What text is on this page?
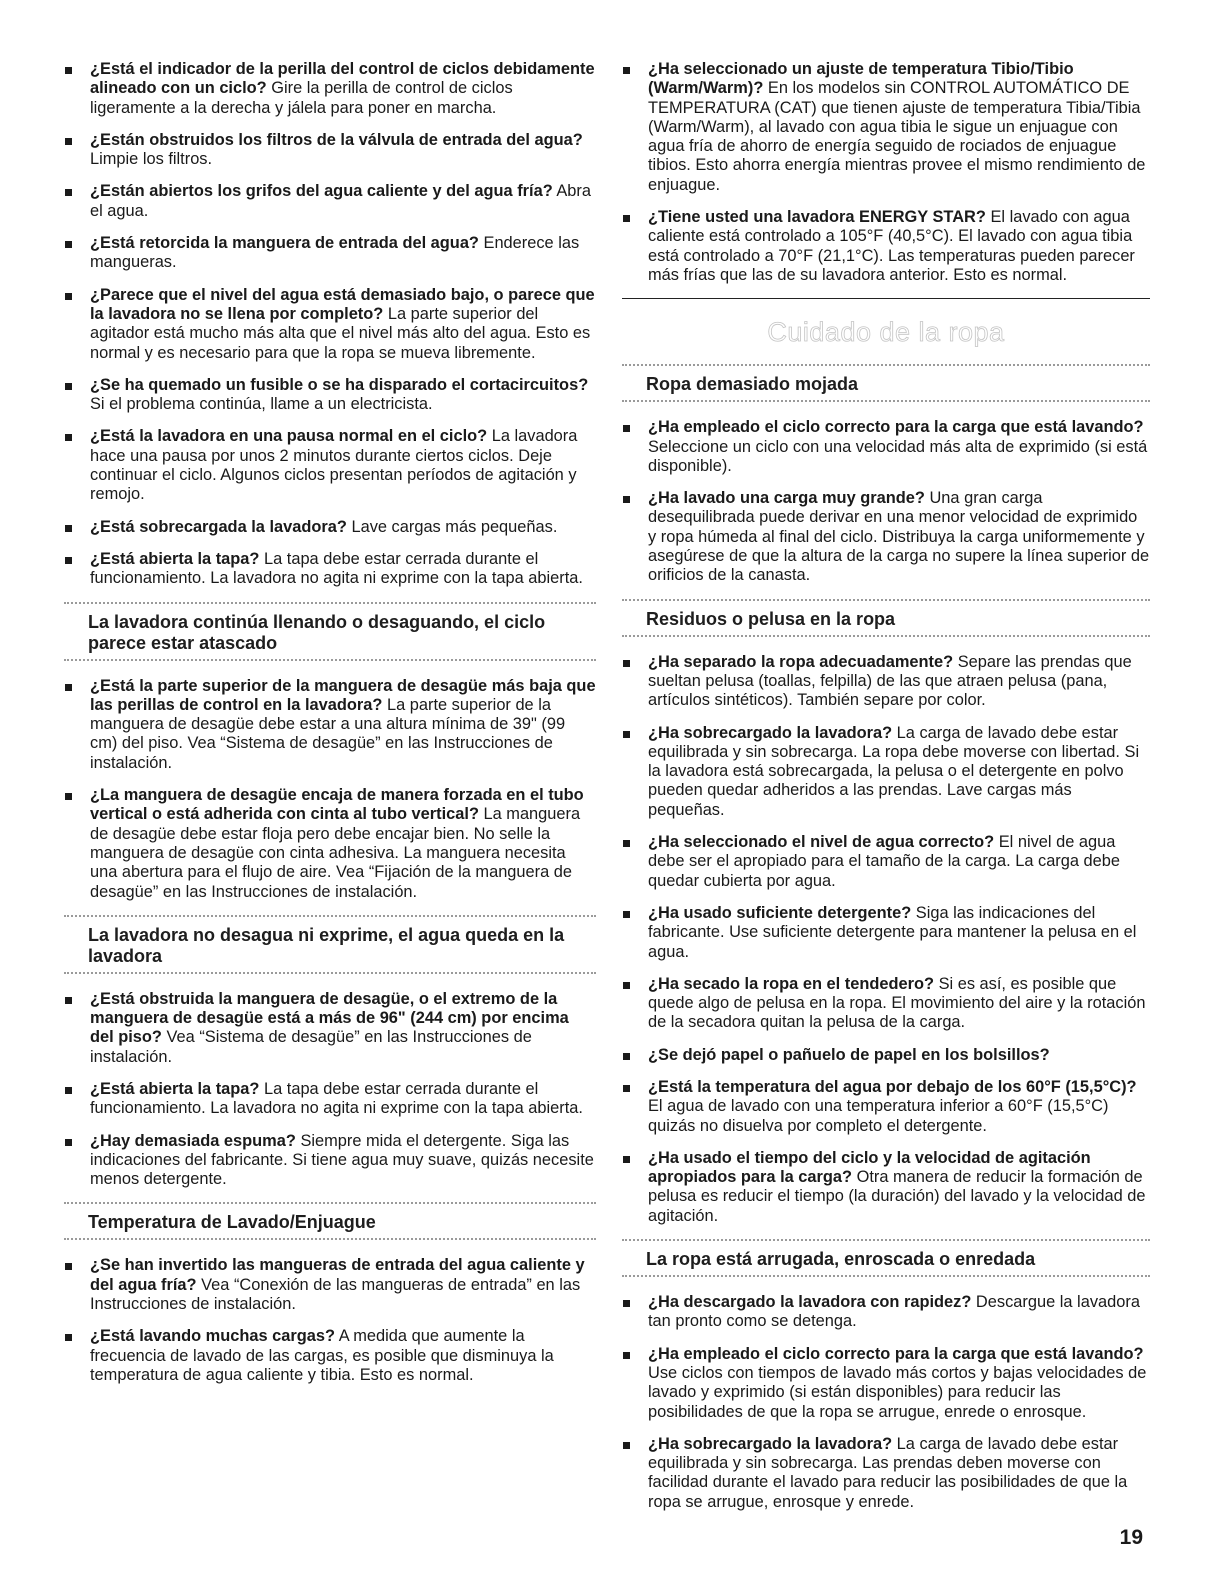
¿Está el indicador de la perilla del control de ciclos debidamente alineado con un ciclo? Gire la perilla de control de ciclos ligeramente a la derecha y jálela para poner en marcha.
¿Están obstruidos los filtros de la válvula de entrada del agua? Limpie los filtros.
¿Están abiertos los grifos del agua caliente y del agua fría? Abra el agua.
¿Está retorcida la manguera de entrada del agua? Enderece las mangueras.
¿Parece que el nivel del agua está demasiado bajo, o parece que la lavadora no se llena por completo? La parte superior del agitador está mucho más alta que el nivel más alto del agua. Esto es normal y es necesario para que la ropa se mueva libremente.
¿Se ha quemado un fusible o se ha disparado el cortacircuitos? Si el problema continúa, llame a un electricista.
¿Está la lavadora en una pausa normal en el ciclo? La lavadora hace una pausa por unos 2 minutos durante ciertos ciclos. Deje continuar el ciclo. Algunos ciclos presentan períodos de agitación y remojo.
¿Está sobrecargada la lavadora? Lave cargas más pequeñas.
¿Está abierta la tapa? La tapa debe estar cerrada durante el funcionamiento. La lavadora no agita ni exprime con la tapa abierta.
La lavadora continúa llenando o desaguando, el ciclo parece estar atascado
¿Está la parte superior de la manguera de desagüe más baja que las perillas de control en la lavadora? La parte superior de la manguera de desagüe debe estar a una altura mínima de 39" (99 cm) del piso. Vea “Sistema de desagüe” en las Instrucciones de instalación.
¿La manguera de desagüe encaja de manera forzada en el tubo vertical o está adherida con cinta al tubo vertical? La manguera de desagüe debe estar floja pero debe encajar bien. No selle la manguera de desagüe con cinta adhesiva. La manguera necesita una abertura para el flujo de aire. Vea “Fijación de la manguera de desagüe” en las Instrucciones de instalación.
La lavadora no desagua ni exprime, el agua queda en la lavadora
¿Está obstruida la manguera de desagüe, o el extremo de la manguera de desagüe está a más de 96" (244 cm) por encima del piso? Vea “Sistema de desagüe” en las Instrucciones de instalación.
¿Está abierta la tapa? La tapa debe estar cerrada durante el funcionamiento. La lavadora no agita ni exprime con la tapa abierta.
¿Hay demasiada espuma? Siempre mida el detergente. Siga las indicaciones del fabricante. Si tiene agua muy suave, quizás necesite menos detergente.
Temperatura de Lavado/Enjuague
¿Se han invertido las mangueras de entrada del agua caliente y del agua fría? Vea “Conexión de las mangueras de entrada” en las Instrucciones de instalación.
¿Está lavando muchas cargas? A medida que aumente la frecuencia de lavado de las cargas, es posible que disminuya la temperatura de agua caliente y tibia. Esto es normal.
¿Ha seleccionado un ajuste de temperatura Tibio/Tibio (Warm/Warm)? En los modelos sin CONTROL AUTOMÁTICO DE TEMPERATURA (CAT) que tienen ajuste de temperatura Tibia/Tibia (Warm/Warm), al lavado con agua tibia le sigue un enjuague con agua fría de ahorro de energía seguido de rociados de enjuague tibios. Esto ahorra energía mientras provee el mismo rendimiento de enjuague.
¿Tiene usted una lavadora ENERGY STAR? El lavado con agua caliente está controlado a 105°F (40,5°C). El lavado con agua tibia está controlado a 70°F (21,1°C). Las temperaturas pueden parecer más frías que las de su lavadora anterior. Esto es normal.
Cuidado de la ropa
Ropa demasiado mojada
¿Ha empleado el ciclo correcto para la carga que está lavando? Seleccione un ciclo con una velocidad más alta de exprimido (si está disponible).
¿Ha lavado una carga muy grande? Una gran carga desequilibrada puede derivar en una menor velocidad de exprimido y ropa húmeda al final del ciclo. Distribuya la carga uniformemente y asegúrese de que la altura de la carga no supere la línea superior de orificios de la canasta.
Residuos o pelusa en la ropa
¿Ha separado la ropa adecuadamente? Separe las prendas que sueltan pelusa (toallas, felpilla) de las que atraen pelusa (pana, artículos sintéticos). También separe por color.
¿Ha sobrecargado la lavadora? La carga de lavado debe estar equilibrada y sin sobrecarga. La ropa debe moverse con libertad. Si la lavadora está sobrecargada, la pelusa o el detergente en polvo pueden quedar adheridos a las prendas. Lave cargas más pequeñas.
¿Ha seleccionado el nivel de agua correcto? El nivel de agua debe ser el apropiado para el tamaño de la carga. La carga debe quedar cubierta por agua.
¿Ha usado suficiente detergente? Siga las indicaciones del fabricante. Use suficiente detergente para mantener la pelusa en el agua.
¿Ha secado la ropa en el tendedero? Si es así, es posible que quede algo de pelusa en la ropa. El movimiento del aire y la rotación de la secadora quitan la pelusa de la carga.
¿Se dejó papel o pañuelo de papel en los bolsillos?
¿Está la temperatura del agua por debajo de los 60°F (15,5°C)? El agua de lavado con una temperatura inferior a 60°F (15,5°C) quizás no disuelva por completo el detergente.
¿Ha usado el tiempo del ciclo y la velocidad de agitación apropiados para la carga? Otra manera de reducir la formación de pelusa es reducir el tiempo (la duración) del lavado y la velocidad de agitación.
La ropa está arrugada, enroscada o enredada
¿Ha descargado la lavadora con rapidez? Descargue la lavadora tan pronto como se detenga.
¿Ha empleado el ciclo correcto para la carga que está lavando? Use ciclos con tiempos de lavado más cortos y bajas velocidades de lavado y exprimido (si están disponibles) para reducir las posibilidades de que la ropa se arrugue, enrede o enrosque.
¿Ha sobrecargado la lavadora? La carga de lavado debe estar equilibrada y sin sobrecarga. Las prendas deben moverse con facilidad durante el lavado para reducir las posibilidades de que la ropa se arrugue, enrosque y enrede.
19
